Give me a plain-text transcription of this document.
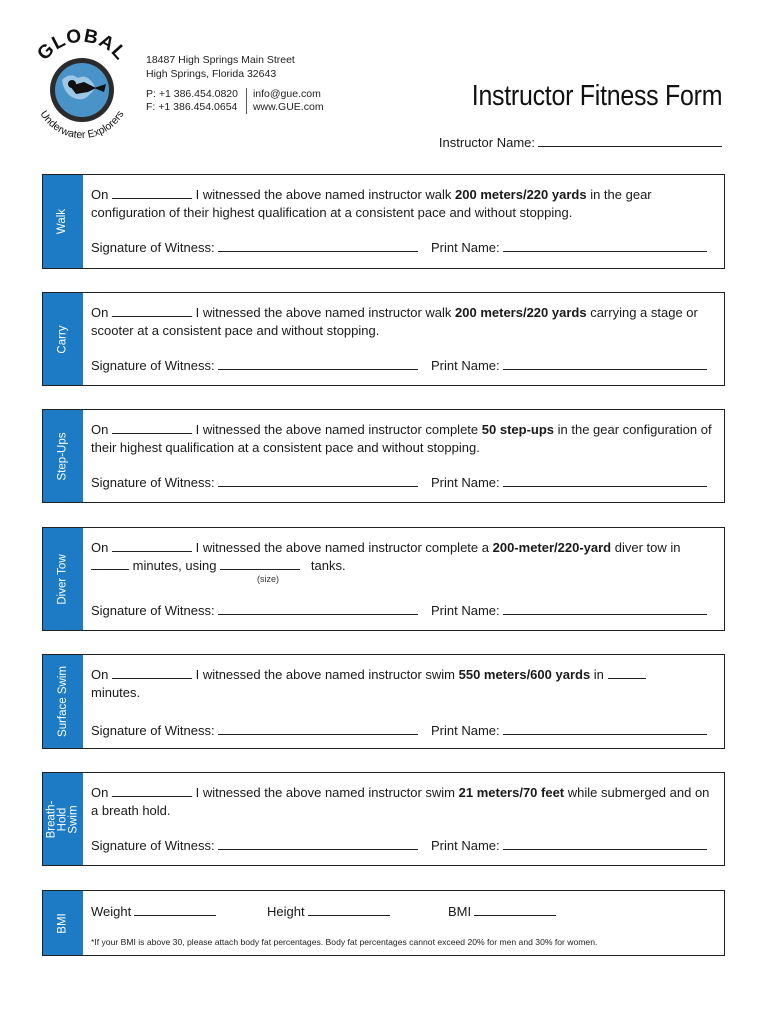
GLOBAL
Underwater Explorers
18487 High Springs Main Street
High Springs, Florida 32643
P: +1 386.454.0820
F: +1 386.454.0654
info@gue.com
www.GUE.com	Instructor Fitness Form
Instructor Name:
Walk
On	I witnessed the above named instructor walk 200 meters/220 yards in the gear configuration of their highest qualification at a consistent pace and without stopping.
Signature of Witness:	Print Name:
Carry
On	I witnessed the above named instructor walk 200 meters/220 yards carrying a stage or scooter at a consistent pace and without stopping.
Signature of Witness:	Print Name:
Step-Ups
On	I witnessed the above named instructor complete 50 step-ups in the gear configuration of their highest qualification at a consistent pace and without stopping.
Signature of Witness:	Print Name:
Diver Tow
On	I witnessed the above named instructor complete a 200-meter/220-yard diver tow in
minutes, using	tanks.
(size)
Signature of Witness:	Print Name:
Surface Swim On	I witnessed the above named instructor swim 550 meters/600 yards in
minutes.
Signature of Witness:	Print Name:
Breath-Hold Swim
On	I witnessed the above named instructor swim 21 meters/70 feet while submerged and on a breath hold.
Signature of Witness:	Print Name:
BMI
Weight	Height	BMI
*If your BMI is above 30, please attach body fat percentages. Body fat percentages cannot exceed 20% for men and 30% for women.
